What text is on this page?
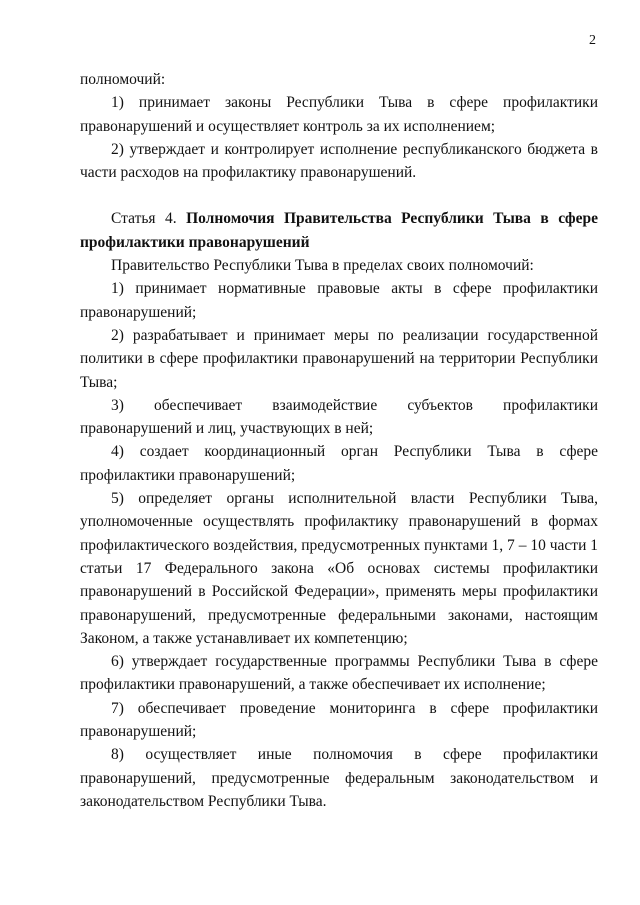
2

полномочий:

1) принимает законы Республики Тыва в сфере профилактики правонарушений и осуществляет контроль за их исполнением;

2) утверждает и контролирует исполнение республиканского бюджета в части расходов на профилактику правонарушений.

Статья 4. Полномочия Правительства Республики Тыва в сфере профилактики правонарушений

Правительство Республики Тыва в пределах своих полномочий:

1) принимает нормативные правовые акты в сфере профилактики правонарушений;

2) разрабатывает и принимает меры по реализации государственной политики в сфере профилактики правонарушений на территории Республики Тыва;

3) обеспечивает взаимодействие субъектов профилактики правонарушений и лиц, участвующих в ней;

4) создает координационный орган Республики Тыва в сфере профилактики правонарушений;

5) определяет органы исполнительной власти Республики Тыва, уполномоченные осуществлять профилактику правонарушений в формах профилактического воздействия, предусмотренных пунктами 1, 7 – 10 части 1 статьи 17 Федерального закона «Об основах системы профилактики правонарушений в Российской Федерации», применять меры профилактики правонарушений, предусмотренные федеральными законами, настоящим Законом, а также устанавливает их компетенцию;

6) утверждает государственные программы Республики Тыва в сфере профилактики правонарушений, а также обеспечивает их исполнение;

7) обеспечивает проведение мониторинга в сфере профилактики правонарушений;

8) осуществляет иные полномочия в сфере профилактики правонарушений, предусмотренные федеральным законодательством и законодательством Республики Тыва.
